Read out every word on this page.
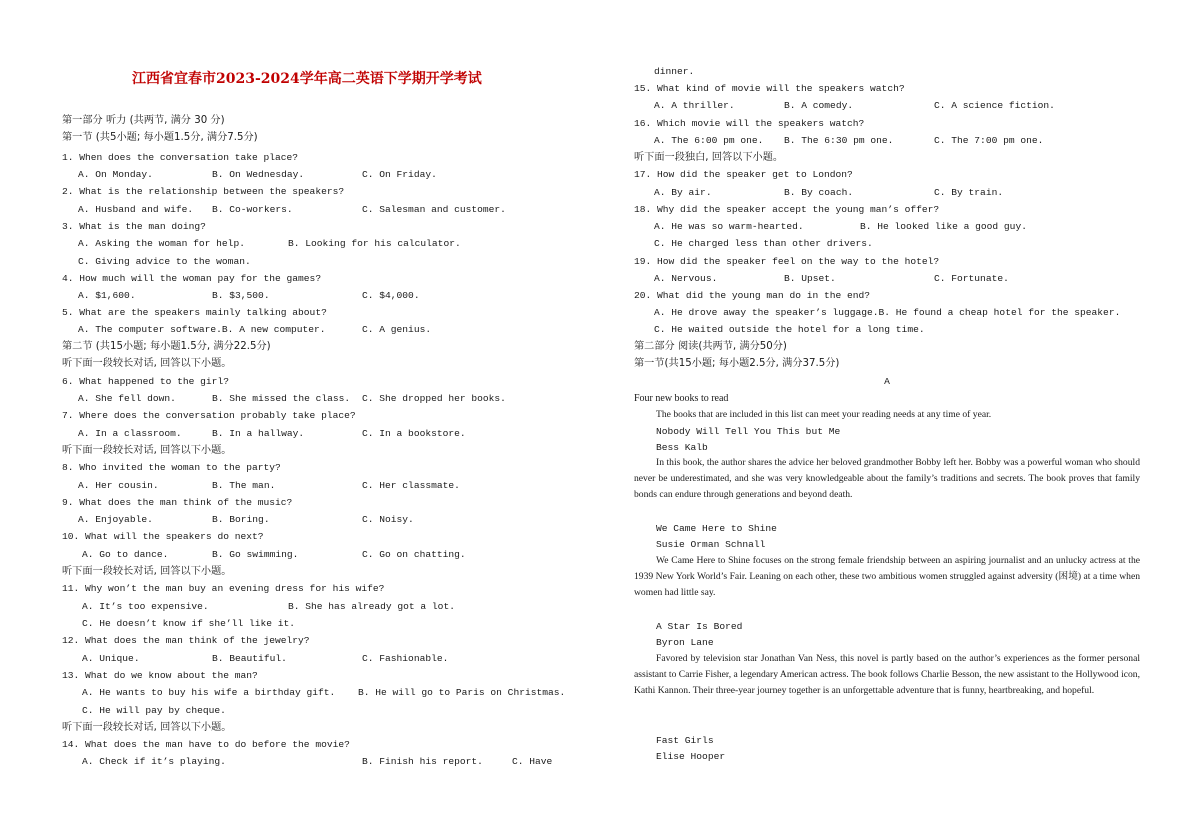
江西省宜春市2023-2024学年高二英语下学期开学考试
第一部分 听力 (共两节, 满分 30 分)
第一节 (共5小题; 每小题1.5分, 满分7.5分)
1. When does the conversation take place?
A. On Monday.	B. On Wednesday.	C. On Friday.
2. What is the relationship between the speakers?
A. Husband and wife. B. Co-workers.	C. Salesman and customer.
3. What is the man doing?
A. Asking the woman for help.	B. Looking for his calculator.
C. Giving advice to the woman.
4. How much will the woman pay for the games?
A. $1,600.	B. $3,500.	C. $4,000.
5. What are the speakers mainly talking about?
A. The computer software.B. A new computer.	C. A genius.
第二节 (共15小题; 每小题1.5分, 满分22.5分)
听下面一段较长对话, 回答以下小题。
6. What happened to the girl?
A. She fell down.	B. She missed the class. C. She dropped her books.
7. Where does the conversation probably take place?
A. In a classroom.	B. In a hallway.	C. In a bookstore.
听下面一段较长对话, 回答以下小题。
8. Who invited the woman to the party?
A. Her cousin.	B. The man.	C. Her classmate.
9. What does the man think of the music?
A. Enjoyable.	B. Boring.	C. Noisy.
10. What will the speakers do next?
A. Go to dance.	B. Go swimming.	C. Go on chatting.
听下面一段较长对话, 回答以下小题。
11. Why won’t the man buy an evening dress for his wife?
A. It’s too expensive.	B. She has already got a lot.
C. He doesn’t know if she’ll like it.
12. What does the man think of the jewelry?
A. Unique.	B. Beautiful.	C. Fashionable.
13. What do we know about the man?
A. He wants to buy his wife a birthday gift. B. He will go to Paris on Christmas.
C. He will pay by cheque.
听下面一段较长对话, 回答以下小题。
14. What does the man have to do before the movie?
A. Check if it’s playing.	B. Finish his report.	C. Have
A
Four new books to read
The books that are included in this list can meet your reading needs at any time of year.
Nobody Will Tell You This but Me
Bess Kalb
In this book, the author shares the advice her beloved grandmother Bobby left her. Bobby was a powerful woman who should never be underestimated, and she was very knowledgeable about the family’s traditions and secrets. The book proves that family bonds can endure through generations and beyond death.
We Came Here to Shine
Susie Orman Schnall
We Came Here to Shine focuses on the strong female friendship between an aspiring journalist and an unlucky actress at the 1939 New York World’s Fair. Leaning on each other, these two ambitious women struggled against adversity (困境) at a time when women had little say.
A Star Is Bored
Byron Lane
Favored by television star Jonathan Van Ness, this novel is partly based on the author’s experiences as the former personal assistant to Carrie Fisher, a legendary American actress. The book follows Charlie Besson, the new assistant to the Hollywood icon, Kathi Kannon. Their three-year journey together is an unforgettable adventure that is funny, heartbreaking, and hopeful.
Fast Girls
Elise Hooper
dinner.
15. What kind of movie will the speakers watch?
A. A thriller.	B. A comedy.	C. A science fiction.
16. Which movie will the speakers watch?
A. The 6:00 pm one. B. The 6:30 pm one.	C. The 7:00 pm one.
听下面一段独白, 回答以下小题。
17. How did the speaker get to London?
A. By air.	B. By coach.	C. By train.
18. Why did the speaker accept the young man’s offer?
A. He was so warm-hearted.	B. He looked like a good guy.
C. He charged less than other drivers.
19. How did the speaker feel on the way to the hotel?
A. Nervous.	B. Upset.	C. Fortunate.
20. What did the young man do in the end?
A. He drove away the speaker’s luggage.B. He found a cheap hotel for the speaker.
C. He waited outside the hotel for a long time.
第二部分 阅读(共两节, 满分50分)
第一节(共15小题; 每小题2.5分, 满分37.5分)
